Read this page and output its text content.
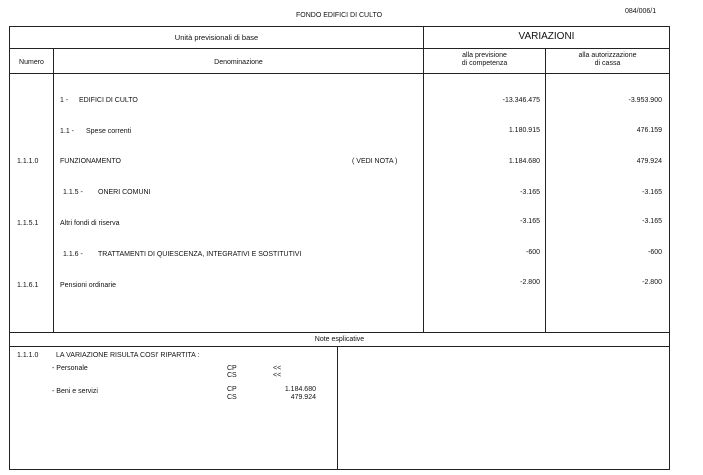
FONDO EDIFICI DI CULTO
084/006/1
Unità previsionali di base	VARIAZIONI
Numero	Denominazione
alla previsione
di competenza
alla autorizzazione
di cassa
1 - EDIFICI DI CULTO	-13.346.475	-3.953.900
1.1 - Spese correnti	1.180.915	476.159
1.1.1.0	FUNZIONAMENTO	( VEDI NOTA )	1.184.680	479.924
1.1.5 - ONERI COMUNI	-3.165	-3.165
1.1.5.1	Altri fondi di riserva	-3.165	-3.165
1.1.6 - TRATTAMENTI DI QUIESCENZA, INTEGRATIVI E SOSTITUTIVI	-600	-600
1.1.6.1	Pensioni ordinarie	-2.800	-2.800
Note esplicative
1.1.1.0	LA VARIAZIONE RISULTA COSI' RIPARTITA :
- Personale	CP	<<
CS	<<
- Beni e servizi	CP	1.184.680
CS	479.924
